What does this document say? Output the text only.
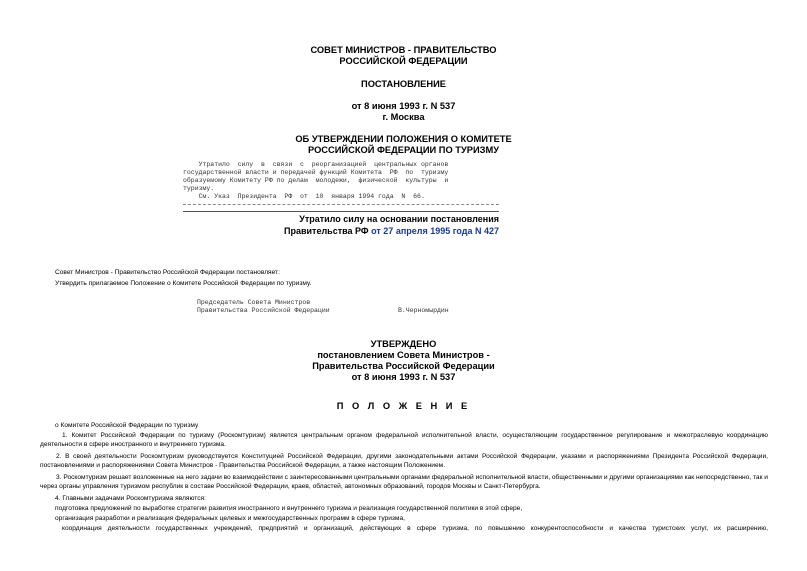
СОВЕТ МИНИСТРОВ - ПРАВИТЕЛЬСТВО
РОССИЙСКОЙ ФЕДЕРАЦИИ
ПОСТАНОВЛЕНИЕ
от 8 июня 1993 г. N 537
г. Москва
ОБ УТВЕРЖДЕНИИ ПОЛОЖЕНИЯ О КОМИТЕТЕ
РОССИЙСКОЙ ФЕДЕРАЦИИ ПО ТУРИЗМУ
Утратило  силу  в  связи  с  реорганизацией  центральных органов
государственной власти и передачей функций Комитета  РФ  по  туризму
образуемому Комитету РФ по делам  молодежи,  физической  культуры  и
туризму.
См. Указ  Президента  РФ  от  10  января 1994 года  N  66.
Утратило силу на основании постановления
Правительства РФ от 27 апреля 1995 года N 427
Совет Министров - Правительство Российской Федерации постановляет:
Утвердить прилагаемое Положение о Комитете Российской Федерации по туризму.
Председатель Совета Министров
Правительства Российской Федерации	В.Черномырдин
УТВЕРЖДЕНО
постановлением Совета Министров -
Правительства Российской Федерации
от 8 июня 1993 г. N 537
П О Л О Ж Е Н И Е
о Комитете Российской Федерации по туризму
1. Комитет Российской Федерации по туризму (Роскомтуризм) является центральным органом федеральной исполнительной власти, осуществляющим государственное регулирование и межотраслевую координацию деятельности в сфере иностранного и внутреннего туризма.
2. В своей деятельности Роскомтуризм руководствуется Конституцией Российской Федерации, другими законодательными актами Российской Федерации, указами и распоряжениями Президента Российской Федерации, постановлениями и распоряжениями Совета Министров - Правительства Российской Федерации, а также настоящим Положением.
3. Роскомтуризм решает возложенные на него задачи во взаимодействии с заинтересованными центральными органами федеральной исполнительной власти, общественными и другими организациями как непосредственно, так и через органы управления туризмом республик в составе Российской Федерации, краев, областей, автономных образований, городов Москвы и Санкт-Петербурга.
4. Главными задачами Роскомтуризма являются:
подготовка предложений по выработке стратегии развития иностранного и внутреннего туризма и реализация государственной политики в этой сфере,
организация разработки и реализация федеральных целевых и межгосударственных программ в сфере туризма,
координация деятельности государственных учреждений, предприятий и организаций, действующих в сфере туризма, по повышению конкурентоспособности и качества туристских услуг, их расширению,
